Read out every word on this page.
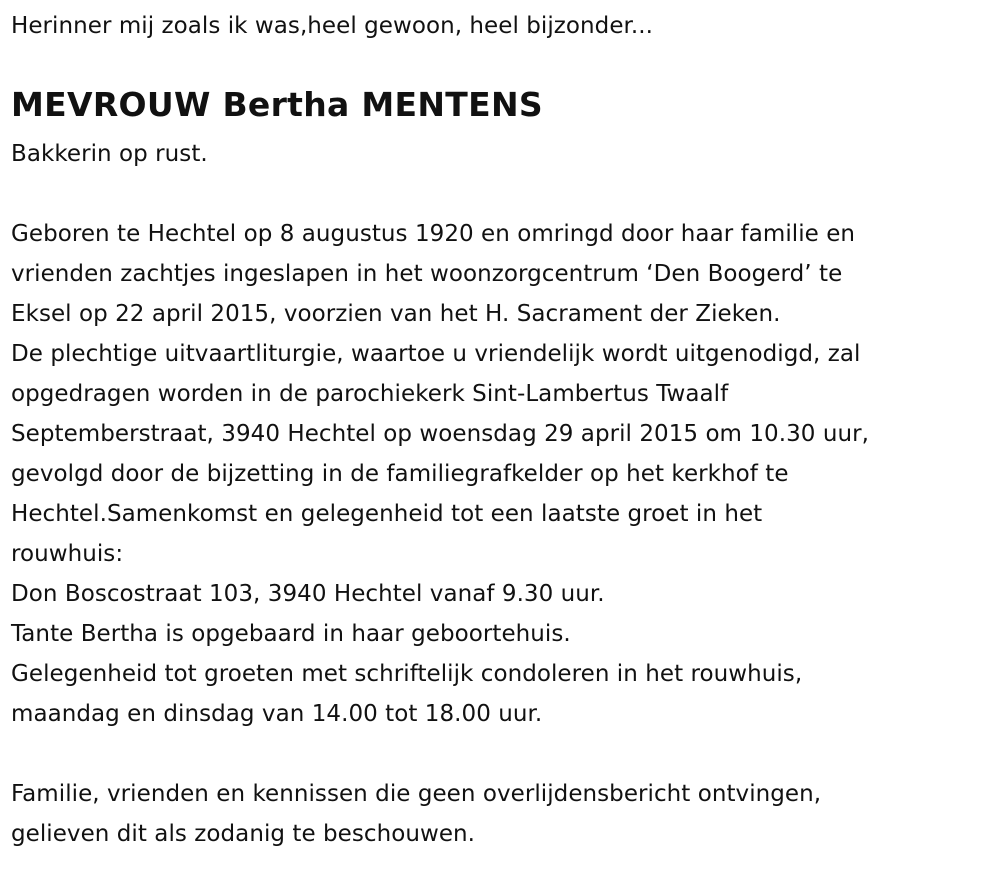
Herinner mij zoals ik was,heel gewoon, heel bijzonder...
MEVROUW Bertha MENTENS
Bakkerin op rust.
Geboren te Hechtel op 8 augustus 1920 en omringd door haar familie en
vrienden zachtjes ingeslapen in het woonzorgcentrum ‘Den Boogerd’ te
Eksel op 22 april 2015, voorzien van het H. Sacrament der Zieken.
De plechtige uitvaartliturgie, waartoe u vriendelijk wordt uitgenodigd, zal
opgedragen worden in de parochiekerk Sint-Lambertus Twaalf
Septemberstraat, 3940 Hechtel op woensdag 29 april 2015 om 10.30 uur,
gevolgd door de bijzetting in de familiegrafkelder op het kerkhof te
Hechtel.Samenkomst en gelegenheid tot een laatste groet in het
rouwhuis:
Don Boscostraat 103, 3940 Hechtel vanaf 9.30 uur.
Tante Bertha is opgebaard in haar geboortehuis.
Gelegenheid tot groeten met schriftelijk condoleren in het rouwhuis,
maandag en dinsdag van 14.00 tot 18.00 uur.
Familie, vrienden en kennissen die geen overlijdensbericht ontvingen,
gelieven dit als zodanig te beschouwen.
